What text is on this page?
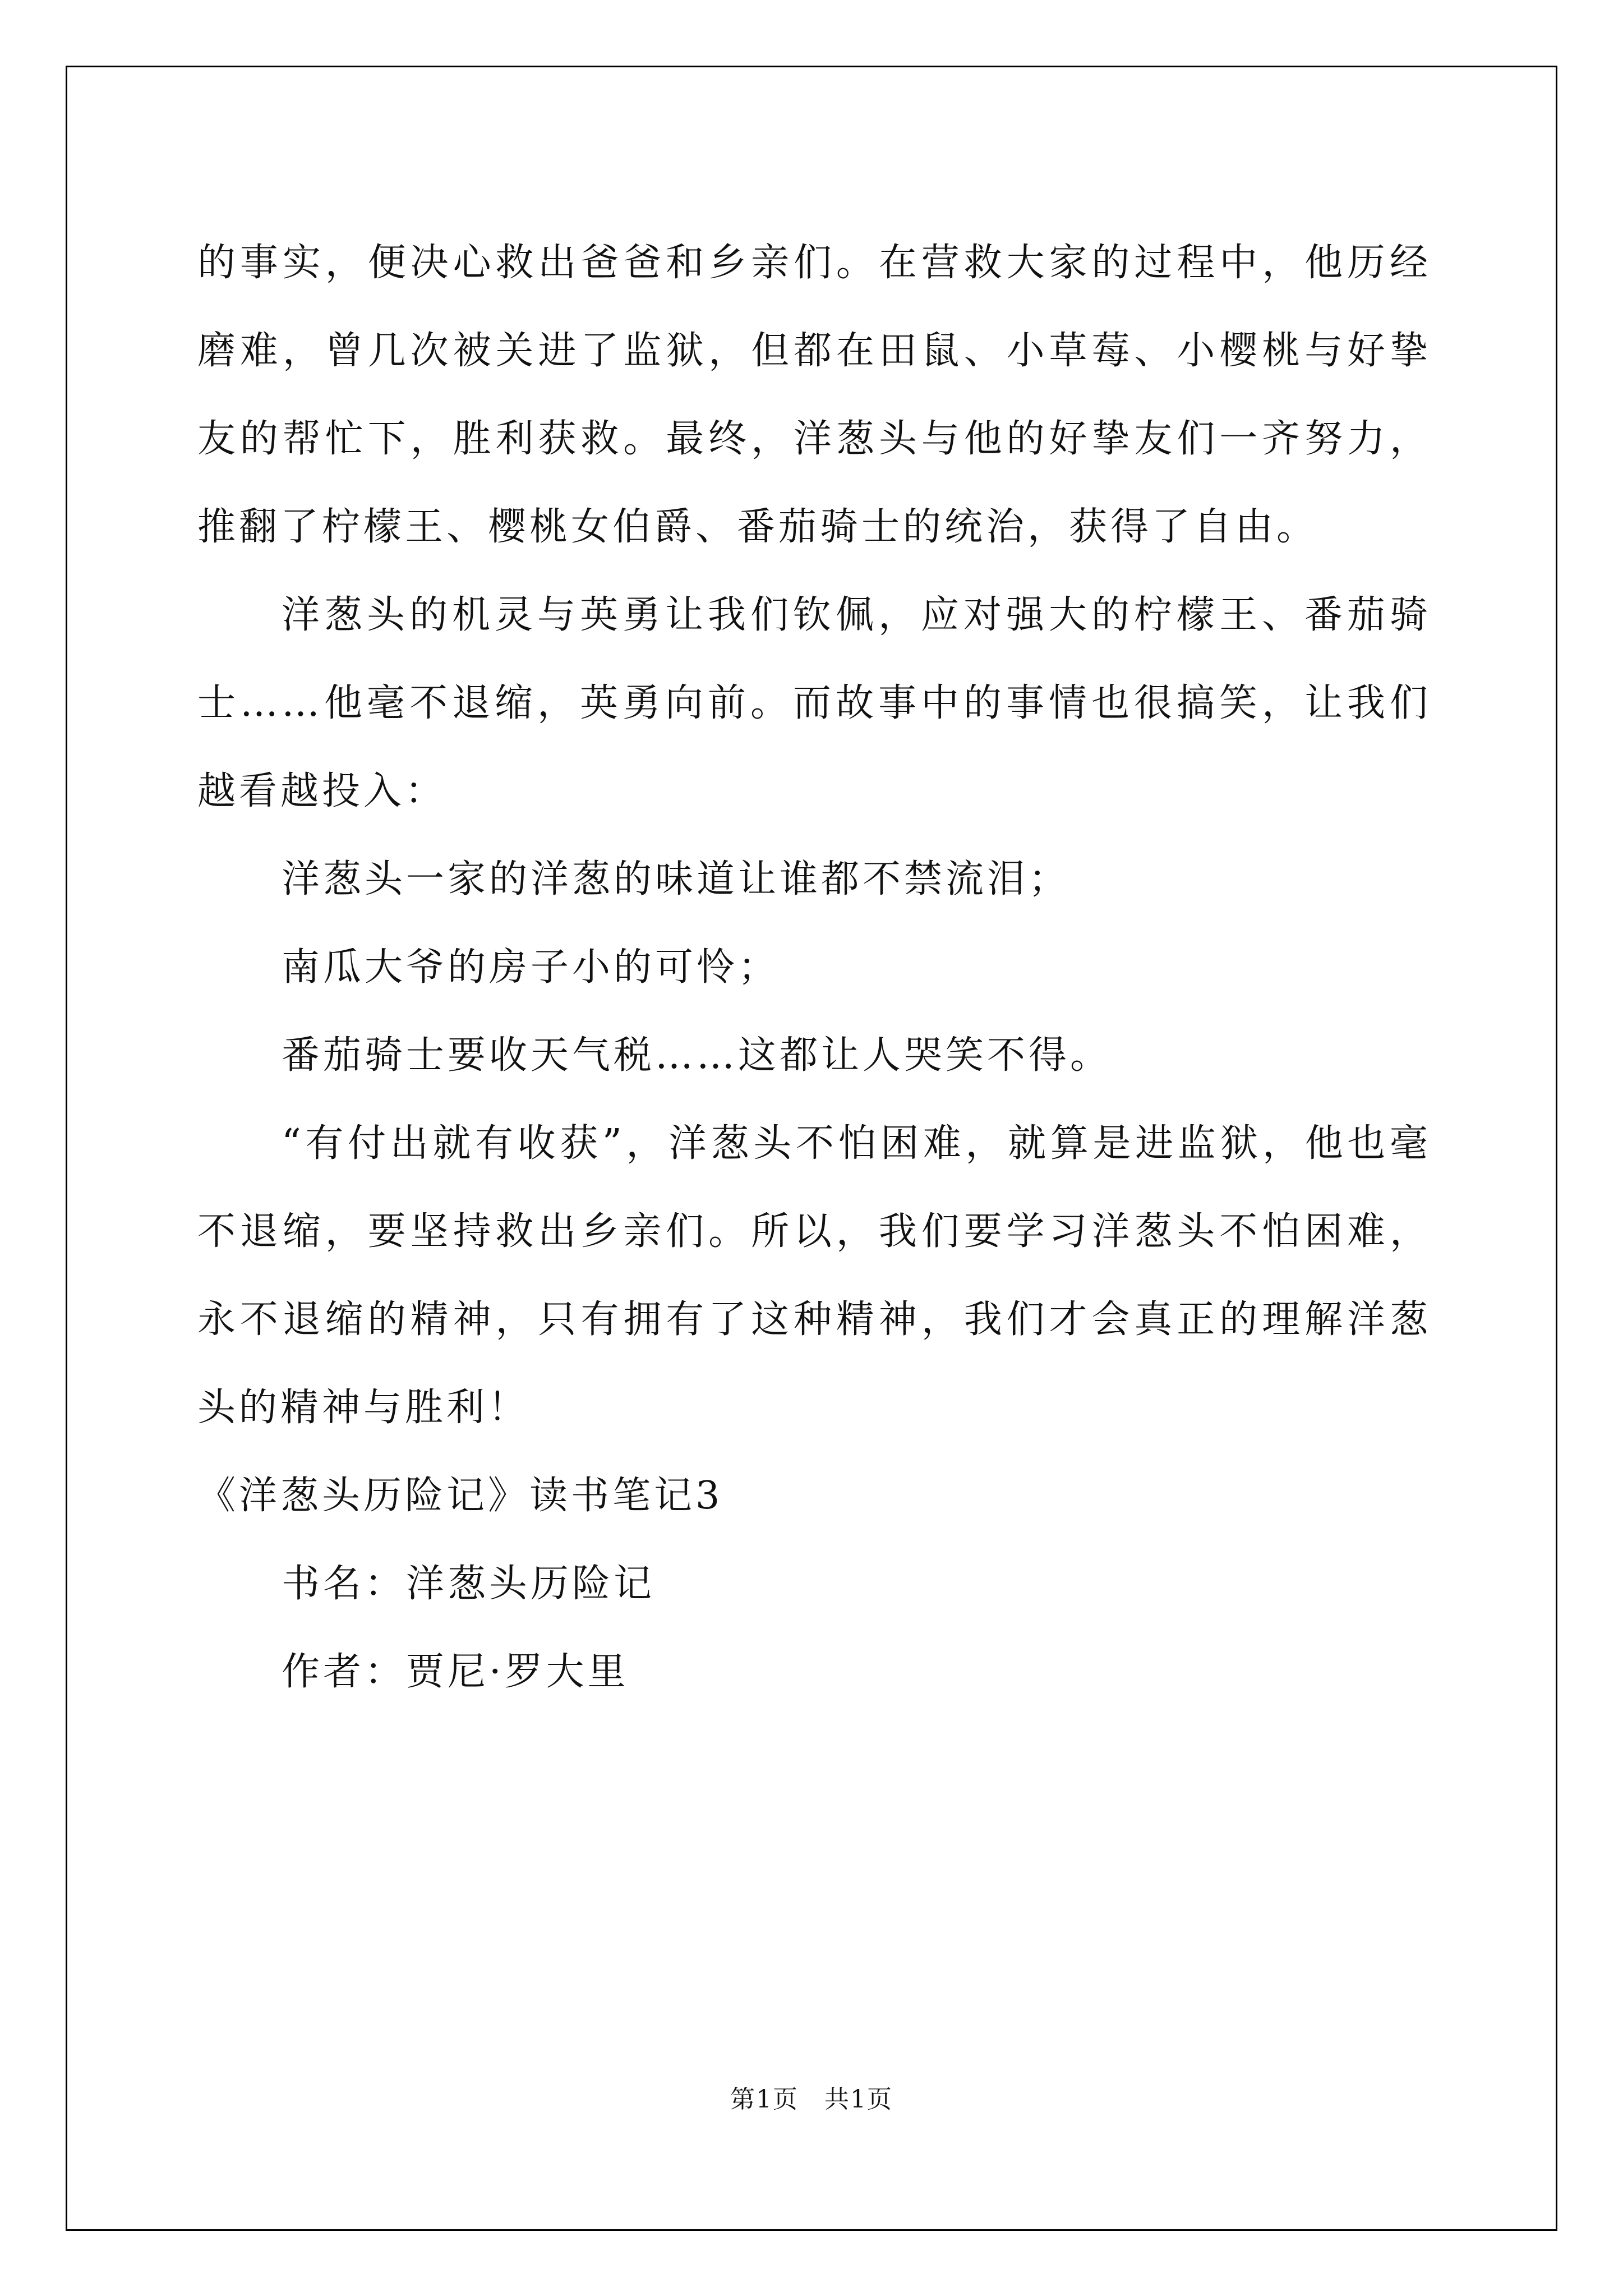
的事实，便决心救出爸爸和乡亲们。在营救大家的过程中，他历经磨难，曾几次被关进了监狱，但都在田鼠、小草莓、小樱桃与好挚友的帮忙下，胜利获救。最终，洋葱头与他的好挚友们一齐努力，推翻了柠檬王、樱桃女伯爵、番茄骑士的统治，获得了自由。

洋葱头的机灵与英勇让我们钦佩，应对强大的柠檬王、番茄骑士……他毫不退缩，英勇向前。而故事中的事情也很搞笑，让我们越看越投入：

洋葱头一家的洋葱的味道让谁都不禁流泪；

南瓜大爷的房子小的可怜；

番茄骑士要收天气税……这都让人哭笑不得。

“有付出就有收获”，洋葱头不怕困难，就算是进监狱，他也毫不退缩，要坚持救出乡亲们。所以，我们要学习洋葱头不怕困难，永不退缩的精神，只有拥有了这种精神，我们才会真正的理解洋葱头的精神与胜利！

《洋葱头历险记》读书笔记3

书名：洋葱头历险记

作者：贾尼·罗大里

第1页　共1页
